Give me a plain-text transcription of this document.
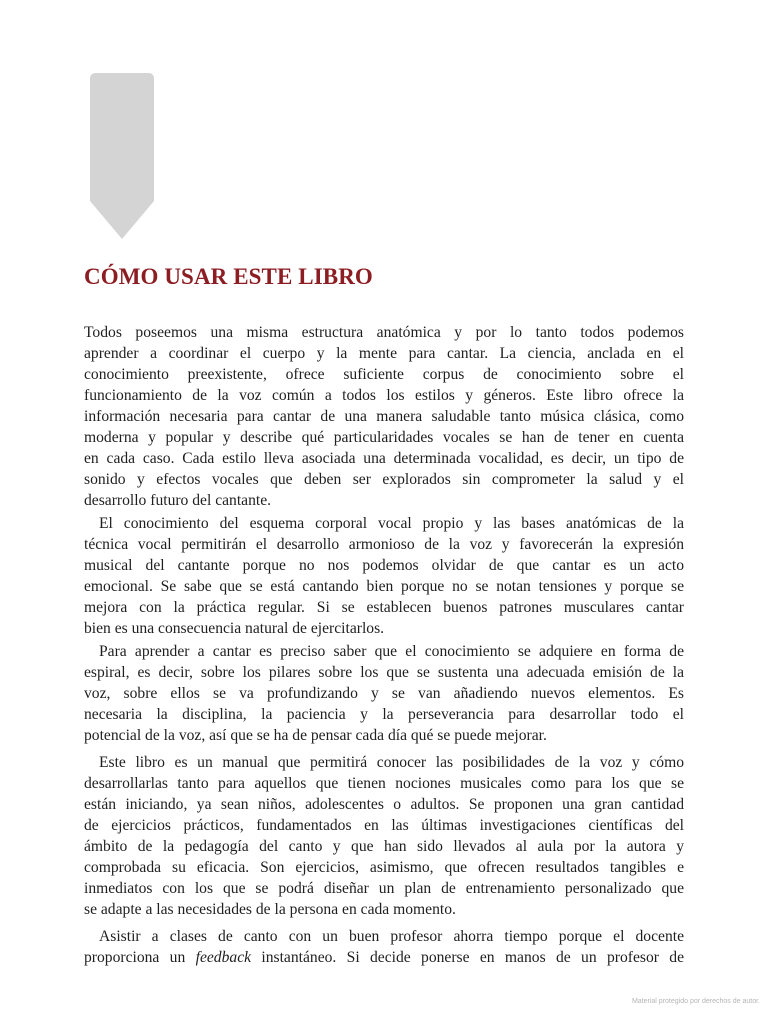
CÓMO USAR ESTE LIBRO
Todos poseemos una misma estructura anatómica y por lo tanto todos podemos
aprender a coordinar el cuerpo y la mente para cantar. La ciencia, anclada en el
conocimiento preexistente, ofrece suficiente corpus de conocimiento sobre el
funcionamiento de la voz común a todos los estilos y géneros. Este libro ofrece la
información necesaria para cantar de una manera saludable tanto música clásica, como
moderna y popular y describe qué particularidades vocales se han de tener en cuenta
en cada caso. Cada estilo lleva asociada una determinada vocalidad, es decir, un tipo de
sonido y efectos vocales que deben ser explorados sin comprometer la salud y el
desarrollo futuro del cantante.
El conocimiento del esquema corporal vocal propio y las bases anatómicas de la
técnica vocal permitirán el desarrollo armonioso de la voz y favorecerán la expresión
musical del cantante porque no nos podemos olvidar de que cantar es un acto
emocional. Se sabe que se está cantando bien porque no se notan tensiones y porque se
mejora con la práctica regular. Si se establecen buenos patrones musculares cantar
bien es una consecuencia natural de ejercitarlos.
Para aprender a cantar es preciso saber que el conocimiento se adquiere en forma de
espiral, es decir, sobre los pilares sobre los que se sustenta una adecuada emisión de la
voz, sobre ellos se va profundizando y se van añadiendo nuevos elementos. Es
necesaria la disciplina, la paciencia y la perseverancia para desarrollar todo el
potencial de la voz, así que se ha de pensar cada día qué se puede mejorar.
Este libro es un manual que permitirá conocer las posibilidades de la voz y cómo
desarrollarlas tanto para aquellos que tienen nociones musicales como para los que se
están iniciando, ya sean niños, adolescentes o adultos. Se proponen una gran cantidad
de ejercicios prácticos, fundamentados en las últimas investigaciones científicas del
ámbito de la pedagogía del canto y que han sido llevados al aula por la autora y
comprobada su eficacia. Son ejercicios, asimismo, que ofrecen resultados tangibles e
inmediatos con los que se podrá diseñar un plan de entrenamiento personalizado que
se adapte a las necesidades de la persona en cada momento.
Asistir a clases de canto con un buen profesor ahorra tiempo porque el docente
proporciona un feedback instantáneo. Si decide ponerse en manos de un profesor de
Material protegido por derechos de autor.
